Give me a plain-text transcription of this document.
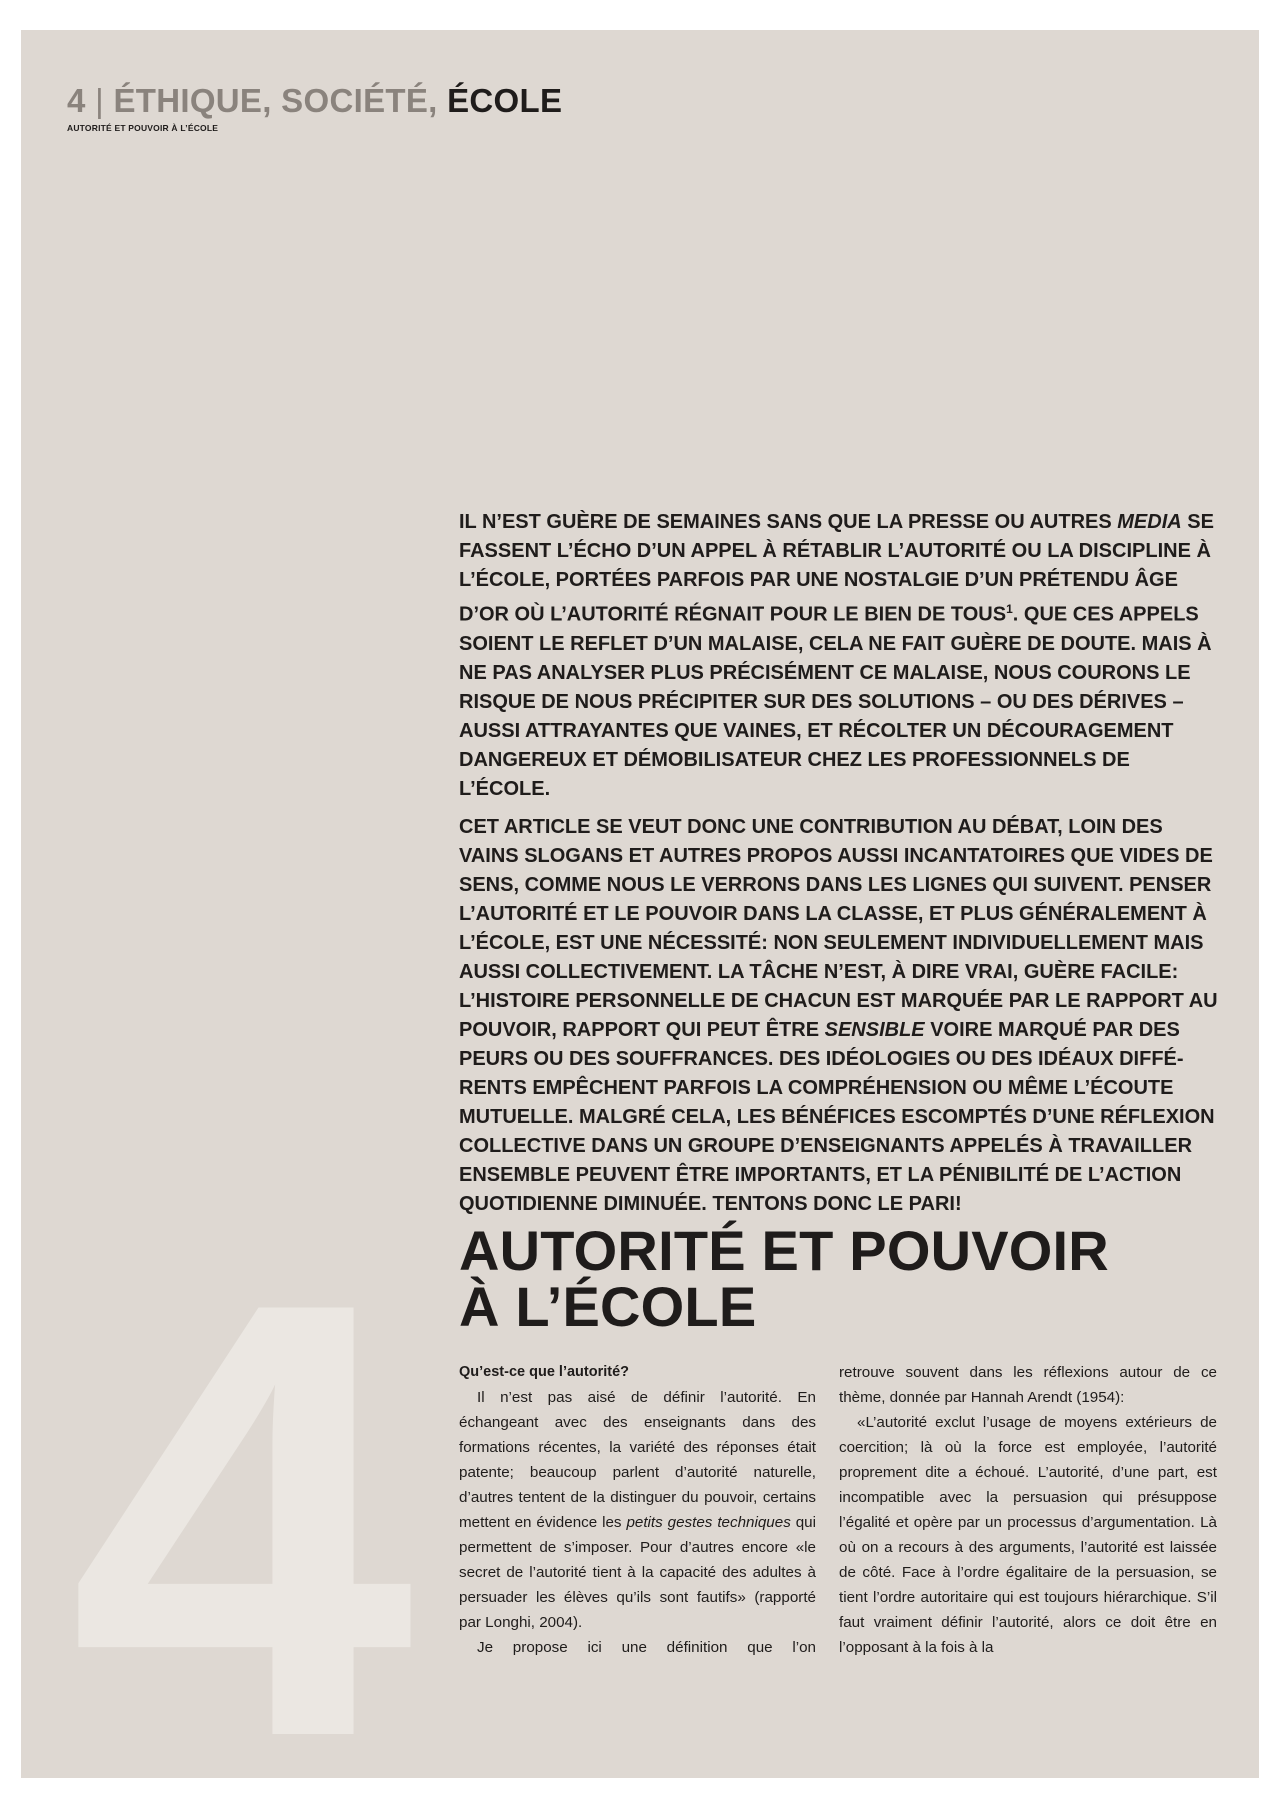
4
4 | ÉTHIQUE, SOCIÉTÉ, ÉCOLE
AUTORITÉ ET POUVOIR À L’ÉCOLE

IL N’EST GUÈRE DE SEMAINES SANS QUE LA PRESSE OU AUTRES MEDIA SE FASSENT L’ÉCHO D’UN APPEL À RÉTABLIR L’AUTORITÉ OU LA DISCIPLINE À L’ÉCOLE, PORTÉES PARFOIS PAR UNE NOSTALGIE D’UN PRÉTENDU ÂGE D’OR OÙ L’AUTORITÉ RÉGNAIT POUR LE BIEN DE TOUS$^1$. QUE CES APPELS SOIENT LE REFLET D’UN MALAISE, CELA NE FAIT GUÈRE DE DOUTE. MAIS À NE PAS ANALYSER PLUS PRÉCISÉMENT CE MALAISE, NOUS COURONS LE RISQUE DE NOUS PRÉCIPITER SUR DES SOLUTIONS – OU DES DÉRIVES – AUSSI ATTRAYANTES QUE VAINES, ET RÉCOLTER UN DÉCOURAGEMENT DANGEREUX ET DÉMOBILISATEUR CHEZ LES PROFESSIONNELS DE L’ÉCOLE.

CET ARTICLE SE VEUT DONC UNE CONTRIBUTION AU DÉBAT, LOIN DES VAINS SLOGANS ET AUTRES PROPOS AUSSI INCANTATOIRES QUE VIDES DE SENS, COMME NOUS LE VERRONS DANS LES LIGNES QUI SUIVENT. PENSER L’AUTORITÉ ET LE POUVOIR DANS LA CLASSE, ET PLUS GÉNÉRALEMENT À L’ÉCOLE, EST UNE NÉCESSITÉ: NON SEULEMENT INDIVIDUELLEMENT MAIS AUSSI COLLECTIVEMENT. LA TÂCHE N’EST, À DIRE VRAI, GUÈRE FACILE: L’HISTOIRE PERSONNELLE DE CHACUN EST MARQUÉE PAR LE RAPPORT AU POUVOIR, RAPPORT QUI PEUT ÊTRE SENSIBLE VOIRE MARQUÉ PAR DES PEURS OU DES SOUFFRANCES. DES IDÉOLOGIES OU DES IDÉAUX DIFFÉRENTS EMPÊCHENT PARFOIS LA COMPRÉHENSION OU MÊME L’ÉCOUTE MUTUELLE. MALGRÉ CELA, LES BÉNÉFICES ESCOMPTÉS D’UNE RÉFLEXION COLLECTIVE DANS UN GROUPE D’ENSEIGNANTS APPELÉS À TRAVAILLER ENSEMBLE PEUVENT ÊTRE IMPORTANTS, ET LA PÉNIBILITÉ DE L’ACTION QUOTIDIENNE DIMINUÉE. TENTONS DONC LE PARI!

AUTORITÉ ET POUVOIR
À L’ÉCOLE

Qu’est-ce que l’autorité?

Il n’est pas aisé de définir l’autorité. En échangeant avec des enseignants dans des formations récentes, la variété des réponses était patente; beaucoup parlent d’autorité naturelle, d’autres tentent de la distinguer du pouvoir, certains mettent en évidence les petits gestes techniques qui permettent de s’imposer. Pour d’autres encore «le secret de l’autorité tient à la capacité des adultes à persuader les élèves qu’ils sont fautifs» (rapporté par Longhi, 2004).

Je propose ici une définition que l’on

retrouve souvent dans les réflexions autour de ce thème, donnée par Hannah Arendt (1954):

«L’autorité exclut l’usage de moyens extérieurs de coercition; là où la force est employée, l’autorité proprement dite a échoué. L’autorité, d’une part, est incompatible avec la persuasion qui présuppose l’égalité et opère par un processus d’argumentation. Là où on a recours à des arguments, l’autorité est laissée de côté. Face à l’ordre égalitaire de la persuasion, se tient l’ordre autoritaire qui est toujours hiérarchique. S’il faut vraiment définir l’autorité, alors ce doit être en l’opposant à la fois à la
